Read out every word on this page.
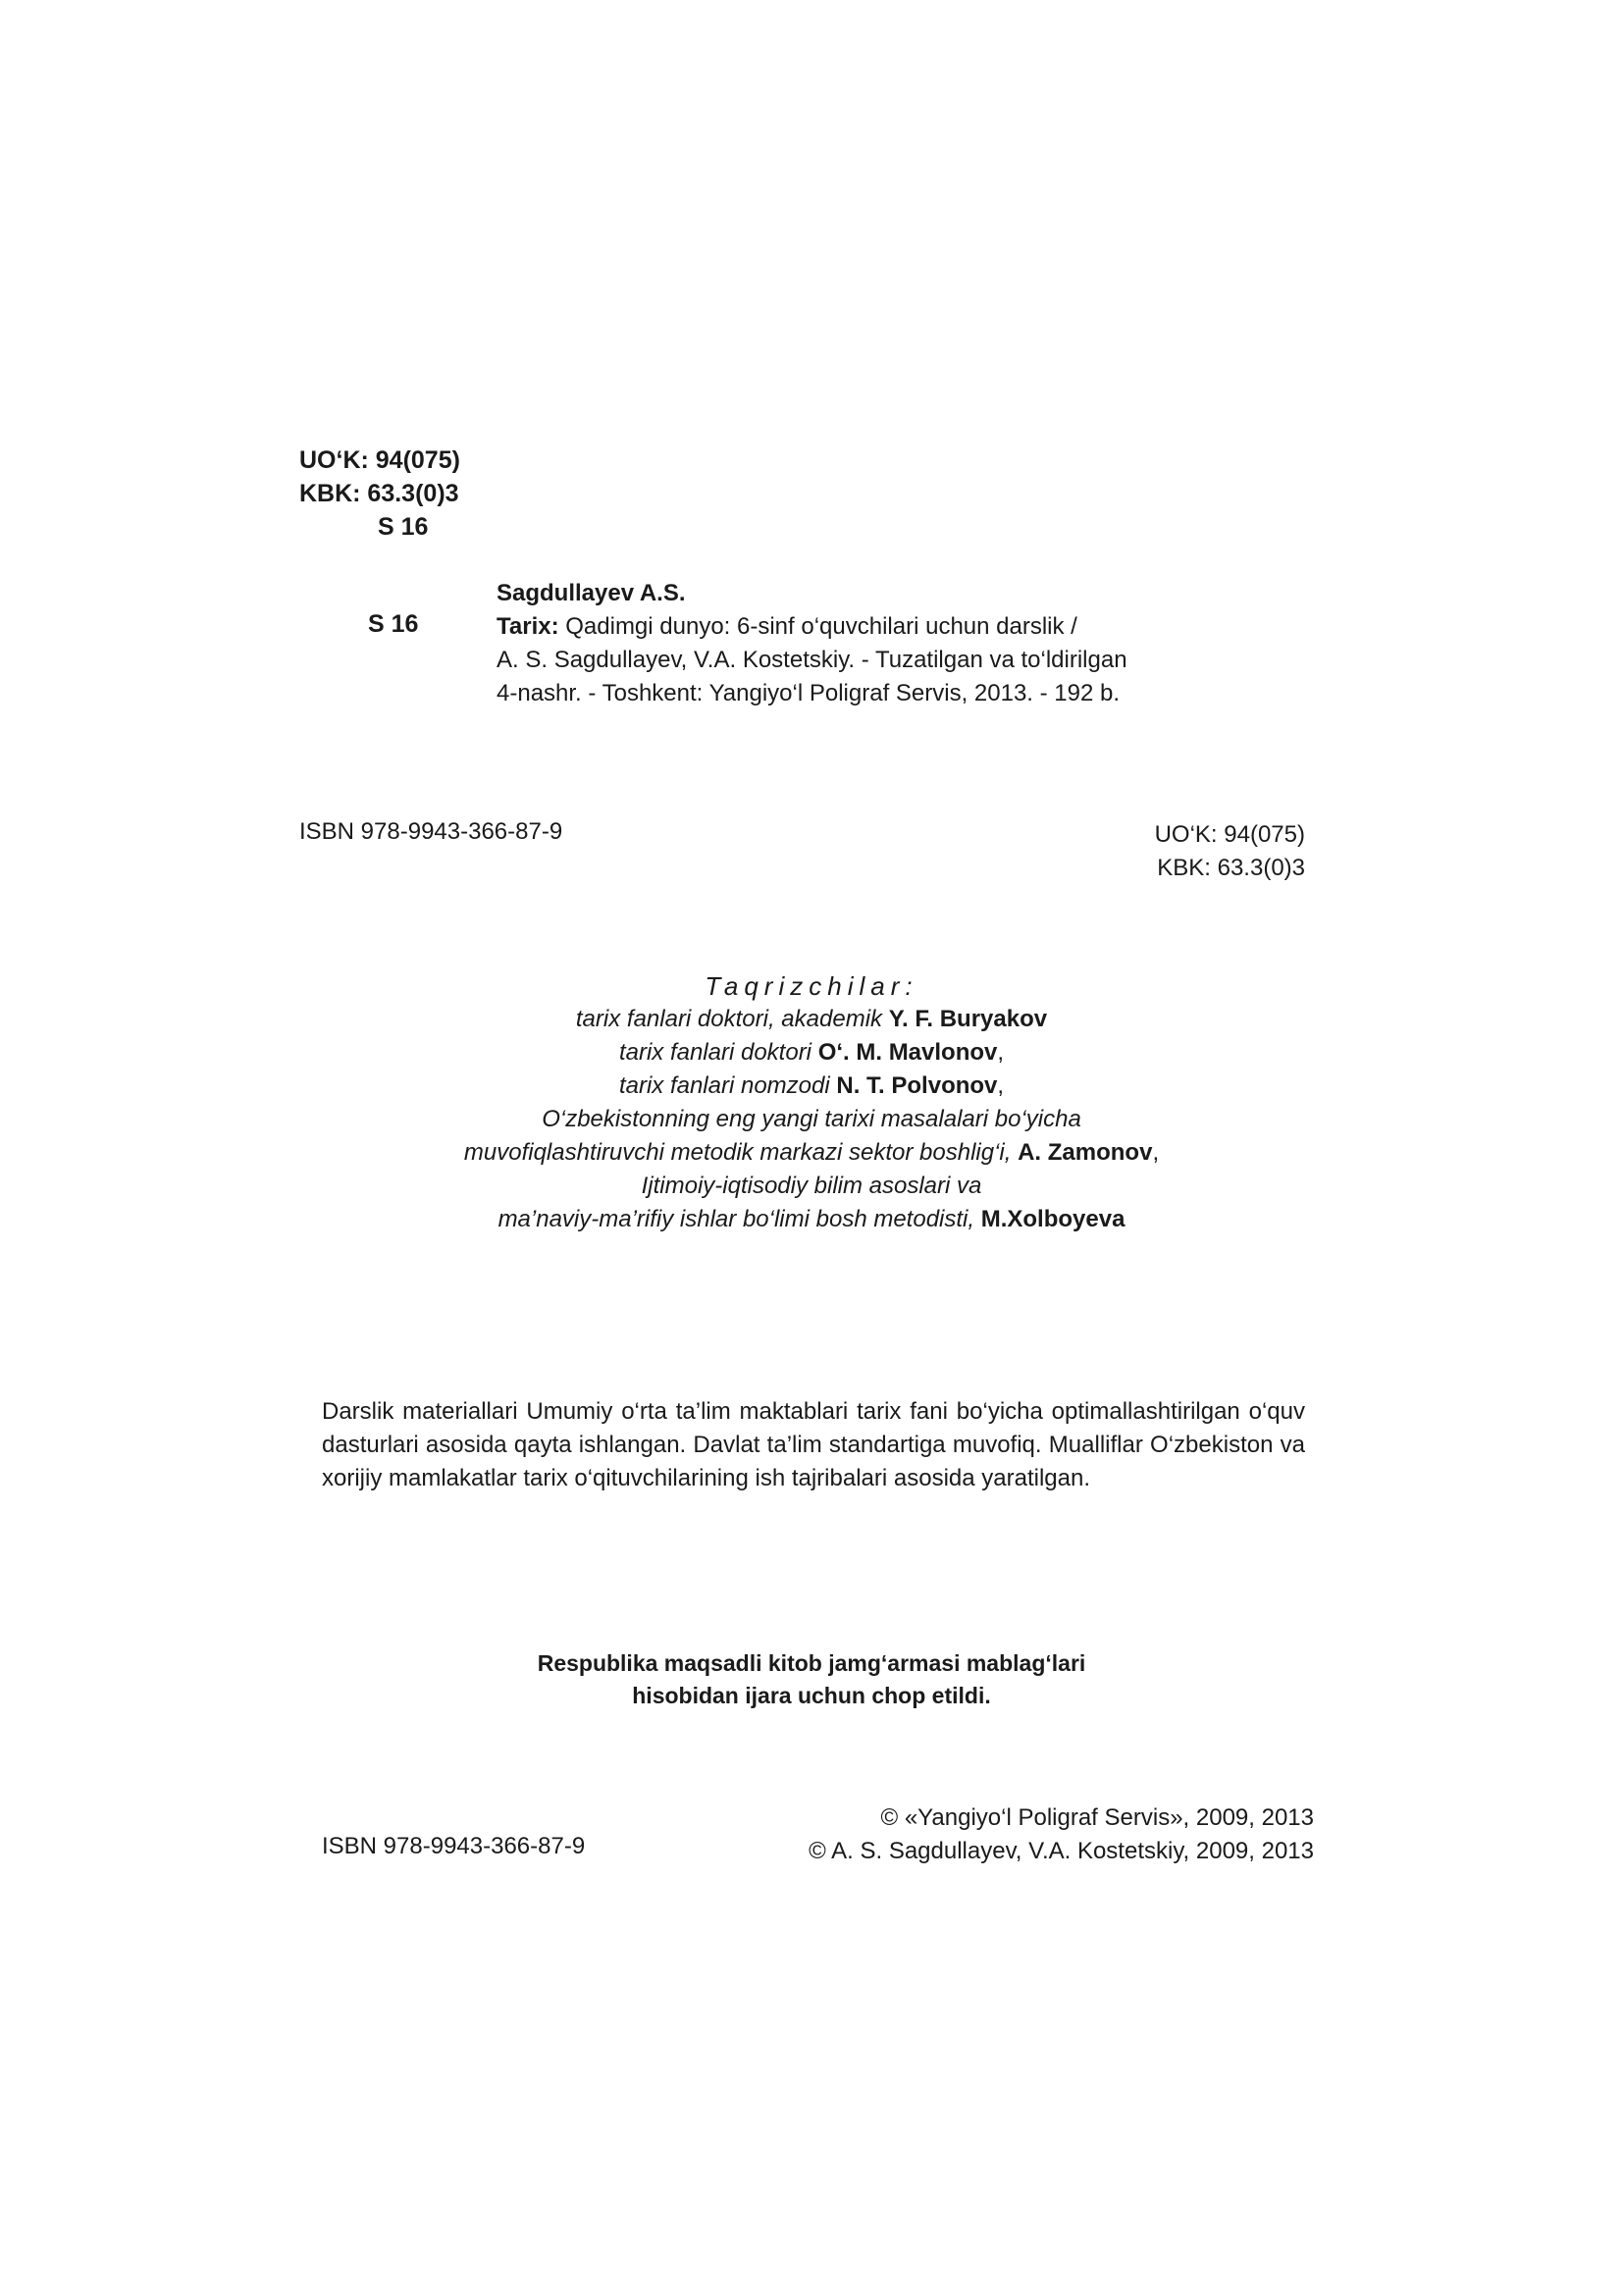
UO‘K: 94(075)
KBK: 63.3(0)3
S 16
S 16
Sagdullayev A.S.
Tarix: Qadimgi dunyo: 6-sinf o‘quvchilari uchun darslik /
A. S. Sagdullayev, V.A. Kostetskiy. - Tuzatilgan va to‘ldirilgan
4-nashr. - Toshkent: Yangiyo‘l Poligraf Servis, 2013. - 192 b.
ISBN 978-9943-366-87-9	UO‘K: 94(075)
KBK: 63.3(0)3
Taqrizchilar:
tarix fanlari doktori, akademik Y. F. Buryakov
tarix fanlari doktori O‘. M. Mavlonov,
tarix fanlari nomzodi N. T. Polvonov,
O‘zbekistonning eng yangi tarixi masalalari bo‘yicha
muvofiqlashtiruvchi metodik markazi sektor boshlig‘i, A. Zamonov,
Ijtimoiy-iqtisodiy bilim asoslari va
ma’naviy-ma’rifiy ishlar bo‘limi bosh metodisti, M.Xolboyeva
Darslik materiallari Umumiy o‘rta ta’lim maktablari tarix fani bo‘yicha optimallashtirilgan o‘quv dasturlari asosida qayta ishlangan. Davlat ta’lim standartiga muvofiq. Mualliflar O‘zbekiston va xorijiy mamlakatlar tarix o‘qituvchilarining ish tajribalari asosida yaratilgan.
Respublika maqsadli kitob jamg‘armasi mablag‘lari
hisobidan ijara uchun chop etildi.
ISBN 978-9943-366-87-9
© «Yangiyo‘l Poligraf Servis», 2009, 2013
© A. S. Sagdullayev, V.A. Kostetskiy, 2009, 2013
